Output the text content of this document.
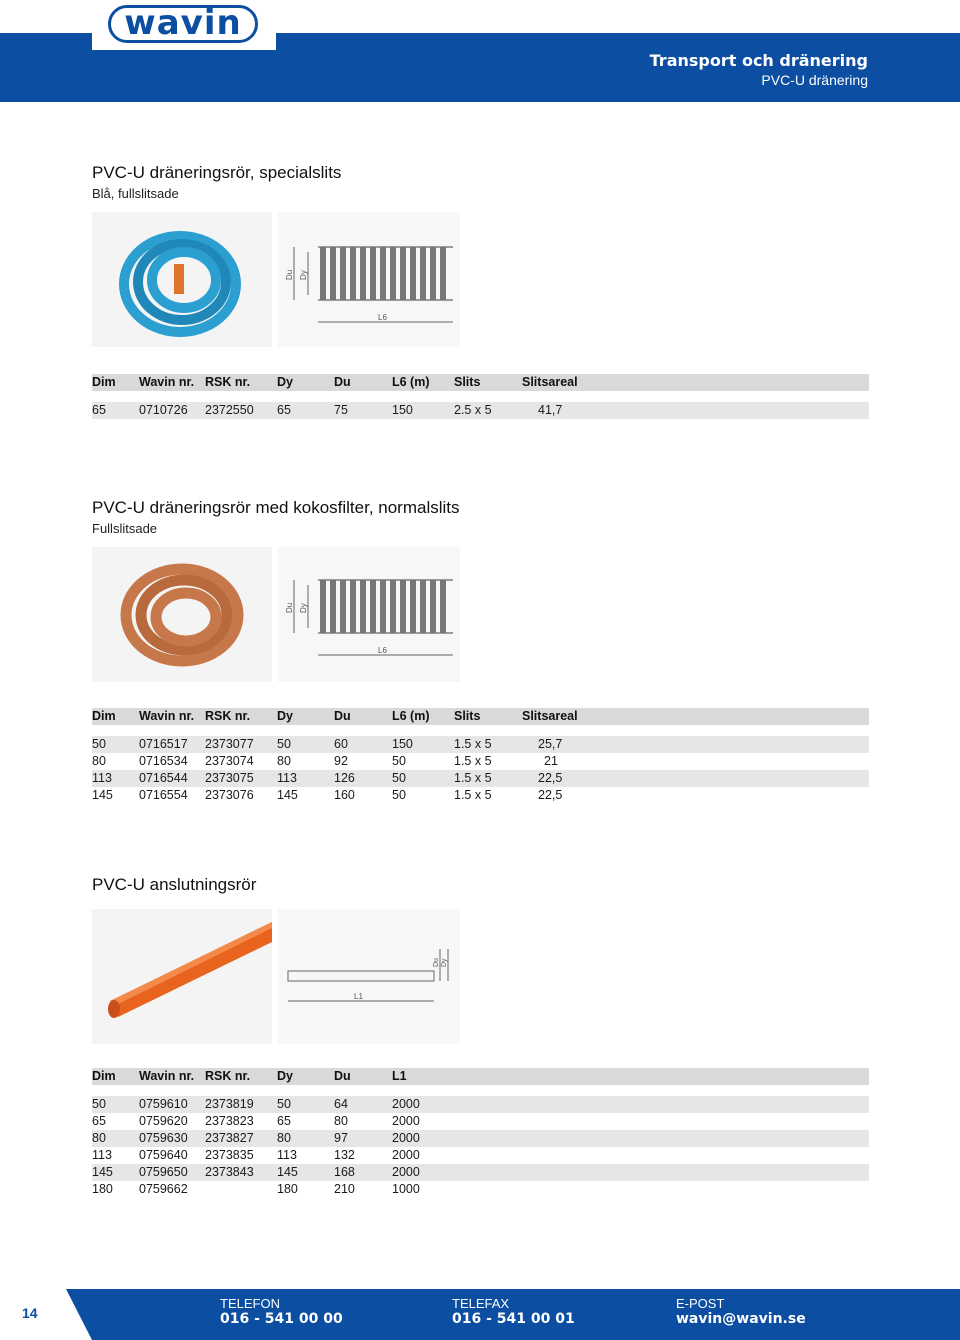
wavin
Transport och dränering
PVC-U dränering
PVC-U dräneringsrör, specialslits
Blå, fullslitsade
Du Dy
L6
Dim	Wavin nr.	RSK nr.	Dy	Du	L6 (m)	Slits	Slitsareal

65	0710726	2372550	65	75	150	2.5 x 5	41,7
PVC-U dräneringsrör med kokosfilter, normalslits
Fullslitsade
Du Dy
L6
Dim	Wavin nr.	RSK nr.	Dy	Du	L6 (m)	Slits	Slitsareal

50	0716517	2373077	50	60	150	1.5 x 5	25,7
80	0716534	2373074	80	92	50	1.5 x 5	21
113	0716544	2373075	113	126	50	1.5 x 5	22,5
145	0716554	2373076	145	160	50	1.5 x 5	22,5
PVC-U anslutningsrör
Du Dy
L1
Dim	Wavin nr.	RSK nr.	Dy	Du	L1

50	0759610	2373819	50	64	2000
65	0759620	2373823	65	80	2000
80	0759630	2373827	80	97	2000
113	0759640	2373835	113	132	2000
145	0759650	2373843	145	168	2000
180	0759662		180	210	1000
14
TELEFON
016 - 541 00 00
TELEFAX
016 - 541 00 01
E-POST
wavin@wavin.se
